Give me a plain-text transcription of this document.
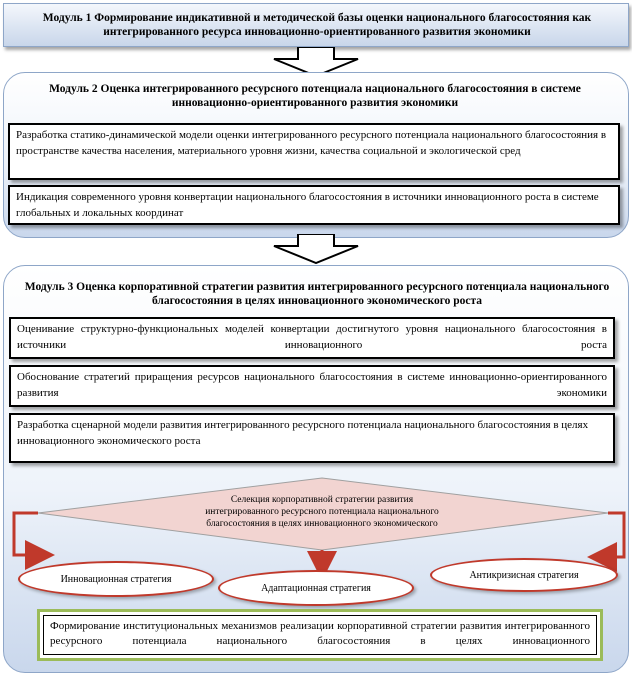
Модуль 1 Формирование индикативной и методической базы оценки национального благосостояния как интегрированного ресурса инновационно-ориентированного развития экономики
Модуль 2 Оценка интегрированного ресурсного потенциала национального благосостояния в системе инновационно-ориентированного развития экономики
Разработка статико-динамической модели оценки интегрированного ресурсного потенциала национального благосостояния в пространстве качества населения, материального уровня жизни, качества социальной и экологической сред
Индикация современного уровня конвертации национального благосостояния в источники инновационного роста в системе глобальных и локальных координат
Модуль 3 Оценка корпоративной стратегии развития интегрированного ресурсного потенциала национального благосостояния в целях инновационного экономического роста
Оценивание структурно-функциональных моделей конвертации достигнутого уровня национального благосостояния в источники инновационного роста
Обоснование стратегий приращения ресурсов национального благосостояния в системе инновационно-ориентированного развития экономики
Разработка сценарной модели развития интегрированного ресурсного потенциала национального благосостояния в целях инновационного экономического роста
Селекция корпоративной стратегии развития
интегрированного ресурсного потенциала национального
благосостояния в целях инновационного экономического
Инновационная стратегия
Адаптационная стратегия
Антикризисная стратегия
Формирование институциональных механизмов реализации корпоративной стратегии развития интегрированного ресурсного потенциала национального благосостояния в целях инновационного
